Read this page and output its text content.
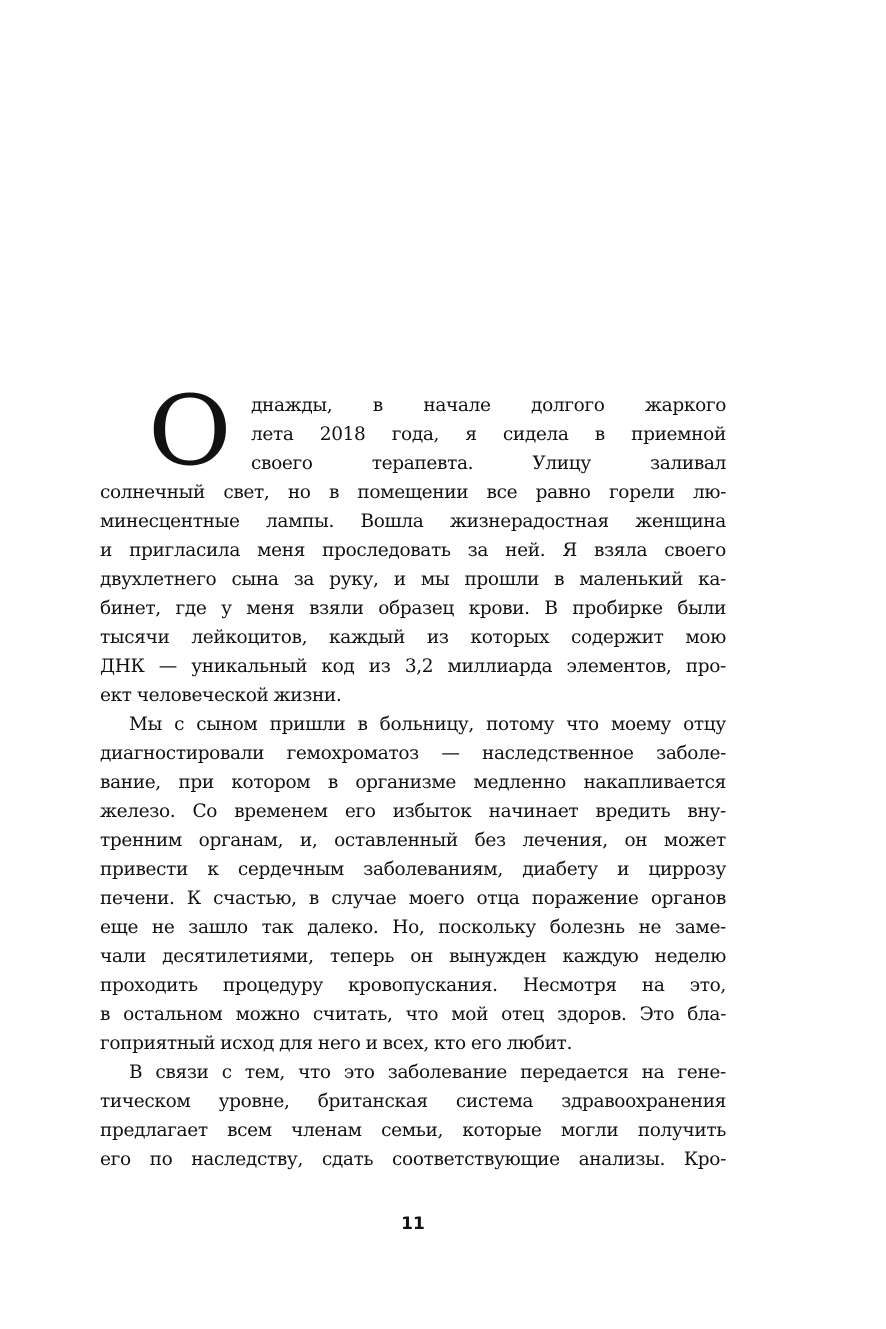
О днажды, в начале долгого жаркого
лета 2018 года, я сидела в приемной
своего	терапевта.	Улицу	заливал
солнечный свет, но в помещении все равно горели лю-
минесцентные лампы. Вошла жизнерадостная женщина
и пригласила меня проследовать за ней. Я взяла своего
двухлетнего сына за руку, и мы прошли в маленький ка-
бинет, где у меня взяли образец крови. В пробирке были
тысячи лейкоцитов, каждый из которых содержит мою
ДНК — уникальный код из 3,2 миллиарда элементов, про-
ект человеческой жизни.
Мы с сыном пришли в больницу, потому что моему отцу
диагностировали гемохроматоз — наследственное заболе-
вание, при котором в организме медленно накапливается
железо. Со временем его избыток начинает вредить вну-
тренним органам, и, оставленный без лечения, он может
привести к сердечным заболеваниям, диабету и циррозу
печени. К счастью, в случае моего отца поражение органов
еще не зашло так далеко. Но, поскольку болезнь не заме-
чали десятилетиями, теперь он вынужден каждую неделю
проходить процедуру кровопускания. Несмотря на это,
в остальном можно считать, что мой отец здоров. Это бла-
гоприятный исход для него и всех, кто его любит.
В связи с тем, что это заболевание передается на гене-
тическом уровне, британская система здравоохранения
предлагает всем членам семьи, которые могли получить
его по наследству, сдать соответствующие анализы. Кро-
11
